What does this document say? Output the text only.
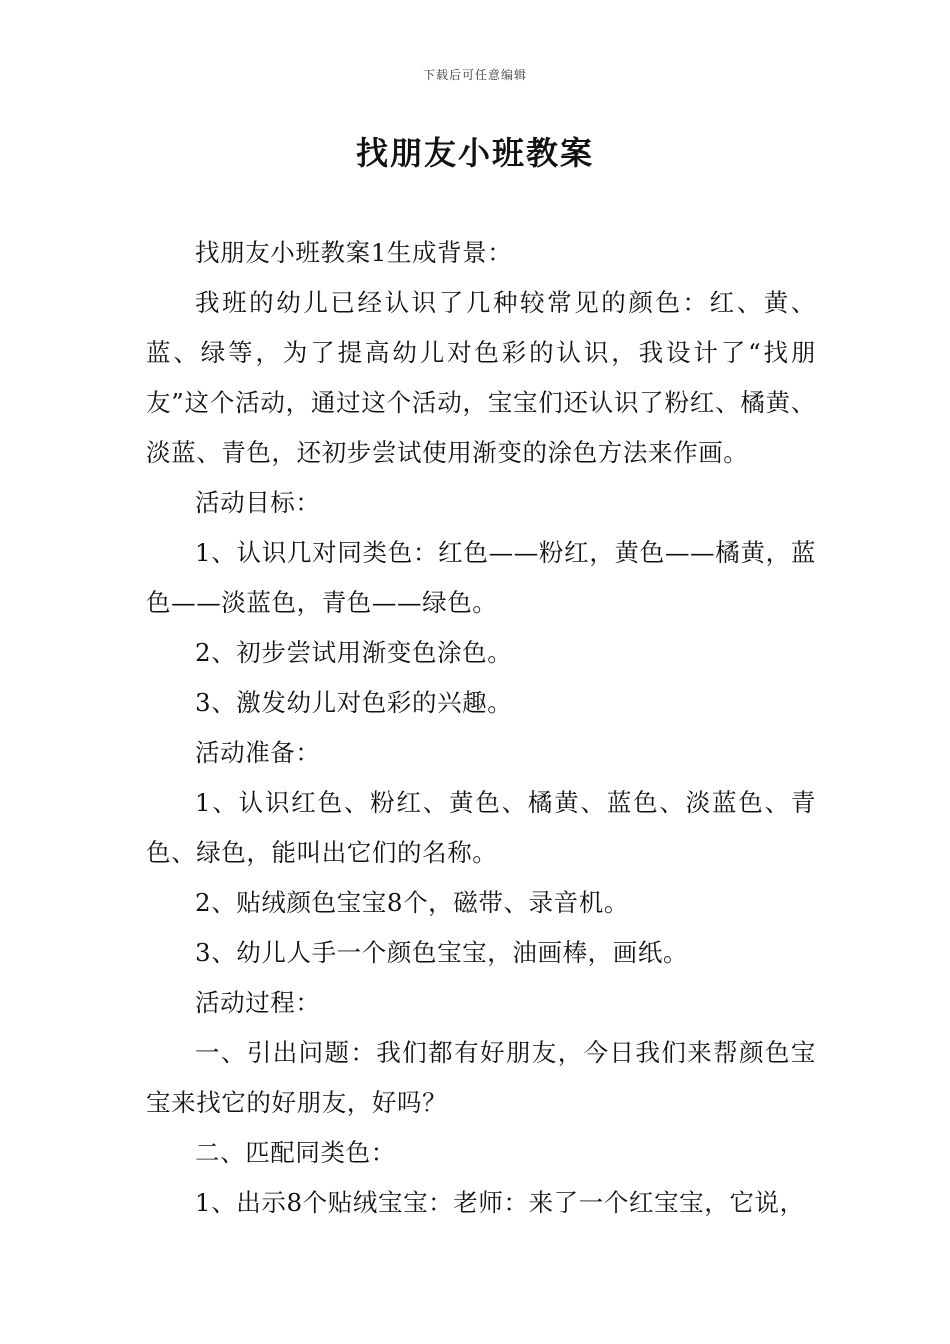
下载后可任意编辑
找朋友小班教案

找朋友小班教案1生成背景：

我班的幼儿已经认识了几种较常见的颜色：红、黄、蓝、绿等，为了提高幼儿对色彩的认识，我设计了“找朋友”这个活动，通过这个活动，宝宝们还认识了粉红、橘黄、淡蓝、青色，还初步尝试使用渐变的涂色方法来作画。

活动目标：

1、认识几对同类色：红色——粉红，黄色——橘黄，蓝色——淡蓝色，青色——绿色。

2、初步尝试用渐变色涂色。

3、激发幼儿对色彩的兴趣。

活动准备：

1、认识红色、粉红、黄色、橘黄、蓝色、淡蓝色、青色、绿色，能叫出它们的名称。

2、贴绒颜色宝宝8个，磁带、录音机。

3、幼儿人手一个颜色宝宝，油画棒，画纸。

活动过程：

一、引出问题：我们都有好朋友，今日我们来帮颜色宝宝来找它的好朋友，好吗？

二、匹配同类色：

1、出示8个贴绒宝宝：老师：来了一个红宝宝，它说，
